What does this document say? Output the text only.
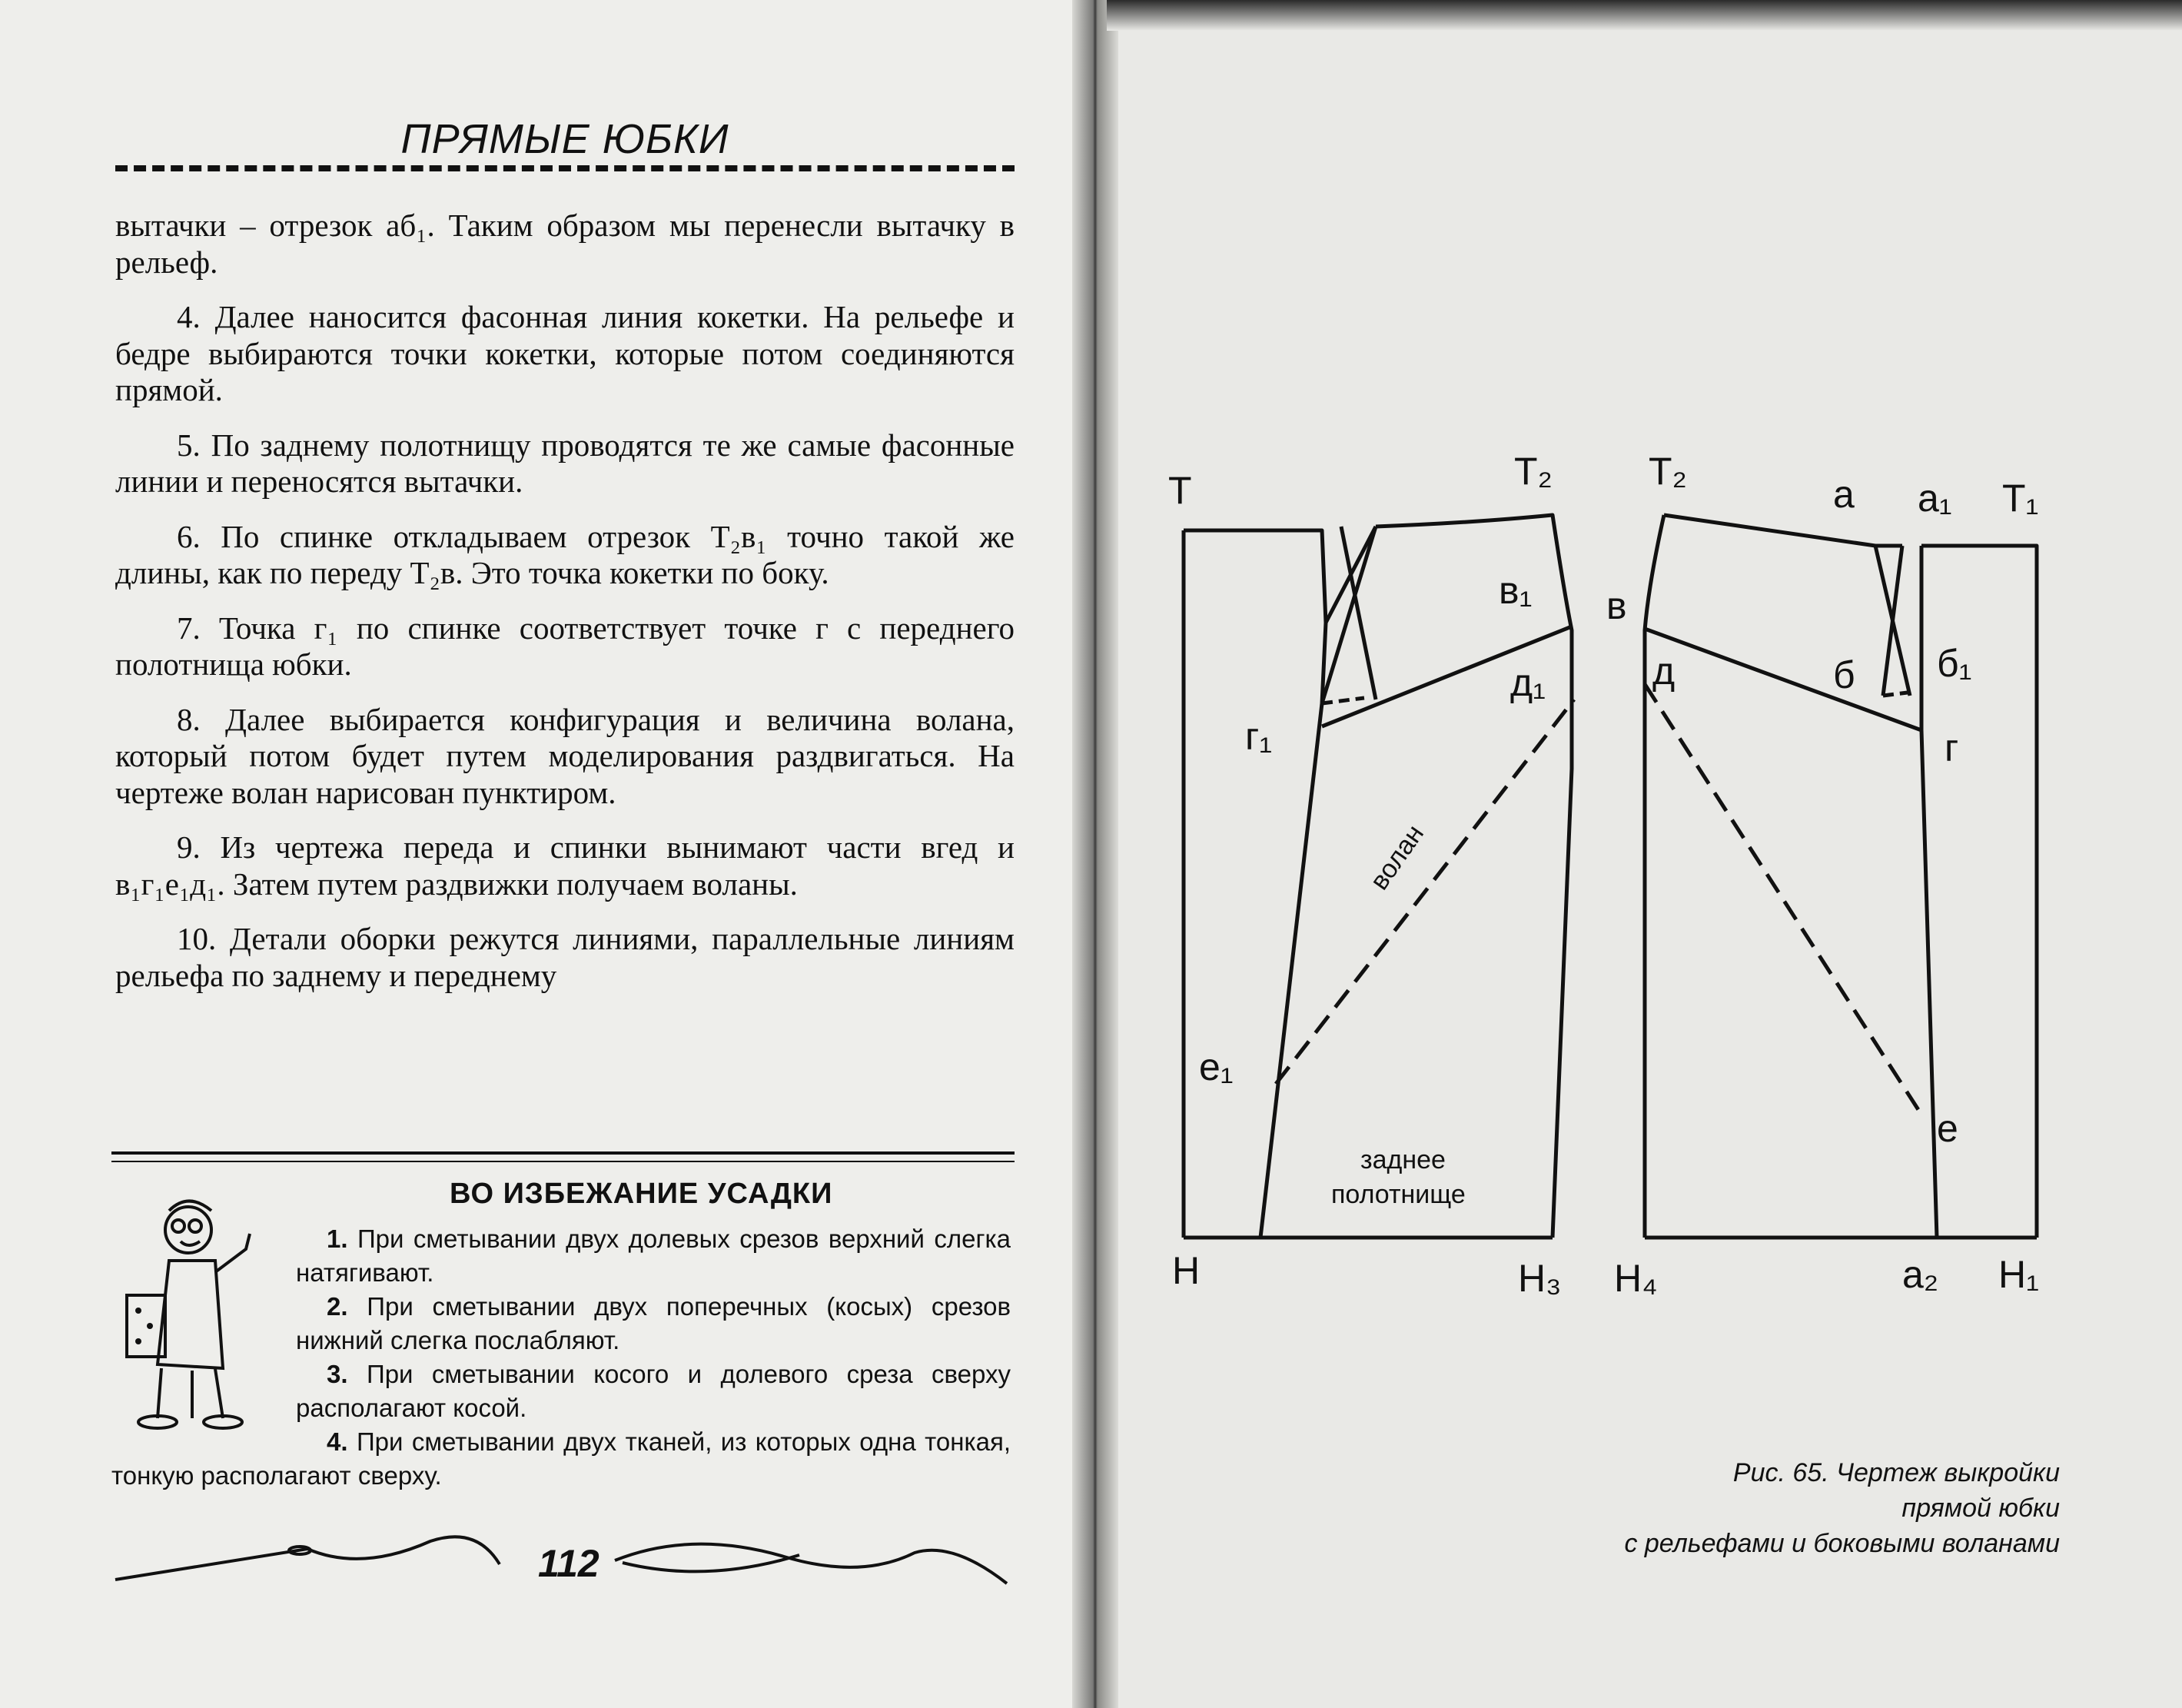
ПРЯМЫЕ ЮБКИ

вытачки – отрезок аб₁. Таким образом мы перенесли вытачку в рельеф.

4. Далее наносится фасонная линия кокетки. На рельефе и бедре выбираются точки кокетки, которые потом соединяются прямой.

5. По заднему полотнищу проводятся те же самые фасонные линии и переносятся вытачки.

6. По спинке откладываем отрезок Т₂в₁ точно такой же длины, как по переду Т₂в. Это точка кокетки по боку.

7. Точка г₁ по спинке соответствует точке г с переднего полотнища юбки.

8. Далее выбирается конфигурация и величина волана, который потом будет путем моделирования раздвигаться. На чертеже волан нарисован пунктиром.

9. Из чертежа переда и спинки вынимают части вгед и в₁г₁е₁д₁. Затем путем раздвижки получаем воланы.

10. Детали оборки режутся линиями, параллельные линиям рельефа по заднему и переднему

ВО ИЗБЕЖАНИЕ УСАДКИ

1. При сметывании двух долевых срезов верхний слегка натягивают.

2. При сметывании двух поперечных (косых) срезов нижний слегка послабляют.

3. При сметывании косого и долевого среза сверху располагают косой.

4. При сметывании двух тканей, из которых одна тонкая, тонкую располагают сверху.

112
Т	Т₂	Т₂
а а₁ Т₁
в₁ в
д₁	д	б б₁
г₁	г
е₁
е
Н	Н₃ Н₄	а₂ Н₁
волан
заднее
полотнище
Рис. 65. Чертеж выкройки
прямой юбки
с рельефами и боковыми воланами
